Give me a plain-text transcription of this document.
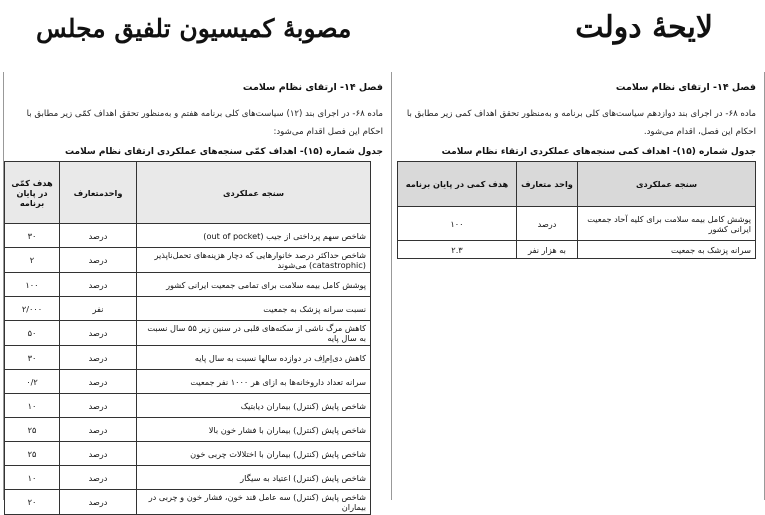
مصوبهٔ کمیسیون تلفیق مجلس	لایحهٔ دولت
فصل ۱۴- ارتقای نظام سلامت
ماده ۶۸- در اجرای بند (۱۲) سیاست‌های کلی برنامه هفتم و به‌منظور تحقق اهداف کمّی زیر مطابق با احکام این فصل اقدام می‌شود:
جدول شماره (۱۵)- اهداف کمّی سنجه‌های عملکردی ارتقای نظام سلامت
سنجه عملکردی	واحدمتعارف	هدف کمّی در پایان برنامه
شاخص سهم پرداختی از جیب (out of pocket)	درصد	۳۰
شاخص حداکثر درصد خانوارهایی که دچار هزینه‌های تحمل‌ناپذیر (catastrophic) می‌شوند	درصد	۲
پوشش کامل بیمه سلامت برای تمامی جمعیت ایرانی کشور	درصد	۱۰۰
نسبت سرانه پزشک به جمعیت	نفر	۲/۰۰۰
کاهش مرگ ناشی از سکته‌های قلبی در سنین زیر ۵۵ سال نسبت به سال پایه	درصد	۵۰
کاهش دی‌اِم‌اِف در دوازده سالها نسبت به سال پایه	درصد	۳۰
سرانه تعداد داروخانه‌ها به ازای هر ۱۰۰۰ نفر جمعیت	درصد	۰/۲
شاخص پایش (کنترل) بیماران دیابتیک	درصد	۱۰
شاخص پایش (کنترل) بیماران با فشار خون بالا	درصد	۲۵
شاخص پایش (کنترل) بیماران با اختلالات چربی خون	درصد	۲۵
شاخص پایش (کنترل) اعتیاد به سیگار	درصد	۱۰
شاخص پایش (کنترل) سه عامل قند خون، فشار خون و چربی در بیماران	درصد	۲۰
فصل ۱۴- ارتقای نظام سلامت
ماده ۶۸- در اجرای بند دوازدهم سیاست‌های کلی برنامه و به‌منظور تحقق اهداف کمی زیر مطابق با احکام این فصل، اقدام می‌شود.
جدول شماره (۱۵)- اهداف کمی سنجه‌های عملکردی ارتقاء نظام سلامت
سنجه عملکردی	واحد متعارف	هدف کمی در پایان برنامه
پوشش کامل بیمه سلامت برای کلیه آحاد جمعیت ایرانی کشور	درصد	۱۰۰
سرانه پزشک به جمعیت	به هزار نفر	۲.۳
